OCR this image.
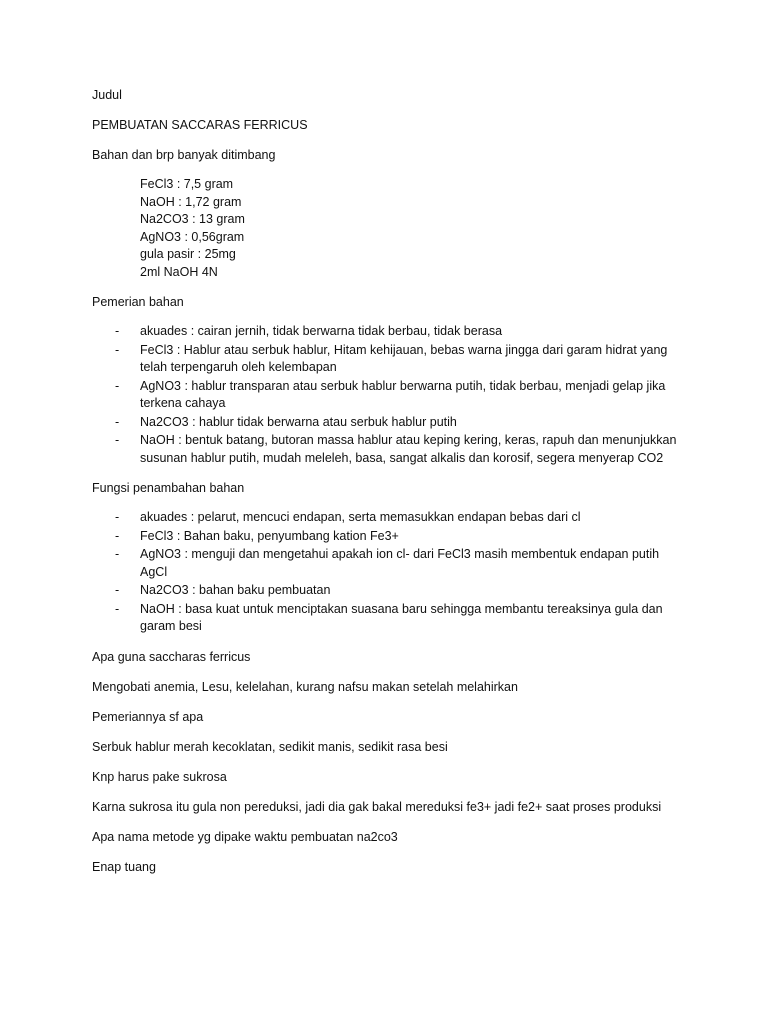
Judul

PEMBUATAN SACCARAS FERRICUS

Bahan dan brp banyak ditimbang

FeCl3 : 7,5 gram
NaOH : 1,72 gram
Na2CO3 : 13 gram
AgNO3 : 0,56gram
gula pasir : 25mg
2ml NaOH 4N

Pemerian bahan

- akuades : cairan jernih, tidak berwarna tidak berbau, tidak berasa
- FeCl3 : Hablur atau serbuk hablur, Hitam kehijauan, bebas warna jingga dari garam hidrat yang telah terpengaruh oleh kelembapan
- AgNO3 : hablur transparan atau serbuk hablur berwarna putih, tidak berbau, menjadi gelap jika terkena cahaya
- Na2CO3 : hablur tidak berwarna atau serbuk hablur putih
- NaOH : bentuk batang, butoran massa hablur atau keping kering, keras, rapuh dan menunjukkan susunan hablur putih, mudah meleleh, basa, sangat alkalis dan korosif, segera menyerap CO2

Fungsi penambahan bahan

- akuades : pelarut, mencuci endapan, serta memasukkan endapan bebas dari cl
- FeCl3 : Bahan baku, penyumbang kation Fe3+
- AgNO3 : menguji dan mengetahui apakah ion cl- dari FeCl3 masih membentuk endapan putih AgCl
- Na2CO3 : bahan baku pembuatan
- NaOH : basa kuat untuk menciptakan suasana baru sehingga membantu tereaksinya gula dan garam besi

Apa guna saccharas ferricus

Mengobati anemia, Lesu, kelelahan, kurang nafsu makan setelah melahirkan

Pemeriannya sf apa

Serbuk hablur merah kecoklatan, sedikit manis, sedikit rasa besi

Knp harus pake sukrosa

Karna sukrosa itu gula non pereduksi, jadi dia gak bakal mereduksi fe3+ jadi fe2+ saat proses produksi

Apa nama metode yg dipake waktu pembuatan na2co3

Enap tuang
